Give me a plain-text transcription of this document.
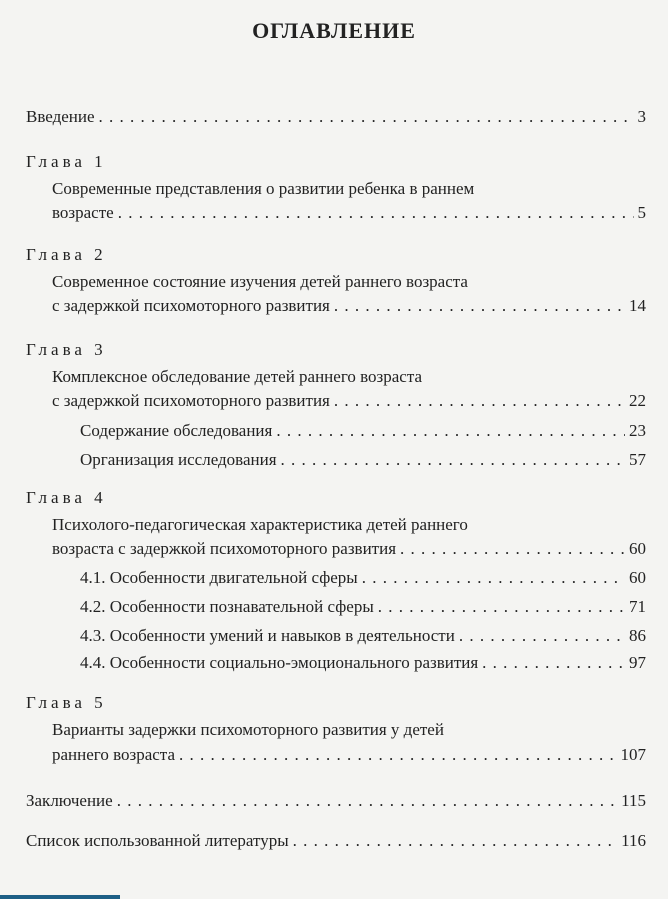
ОГЛАВЛЕНИЕ
Введение . . .	3
Глава 1
Современные представления о развитии ребенка в раннем
возрасте . . .	5
Глава 2
Современное состояние изучения детей раннего возраста
с задержкой психомоторного развития . . .	14
Глава 3
Комплексное обследование детей раннего возраста
с задержкой психомоторного развития . . .	22
Содержание обследования . . .	23
Организация исследования . . .	57
Глава 4
Психолого-педагогическая характеристика детей раннего
возраста с задержкой психомоторного развития . . .	60
4.1. Особенности двигательной сферы . . .	60
4.2. Особенности познавательной сферы . . .	71
4.3. Особенности умений и навыков в деятельности . . .	86
4.4. Особенности социально-эмоционального развития . . .	97
Глава 5
Варианты задержки психомоторного развития у детей
раннего возраста . . .	107
Заключение . . .	115
Список использованной литературы . . .	116
